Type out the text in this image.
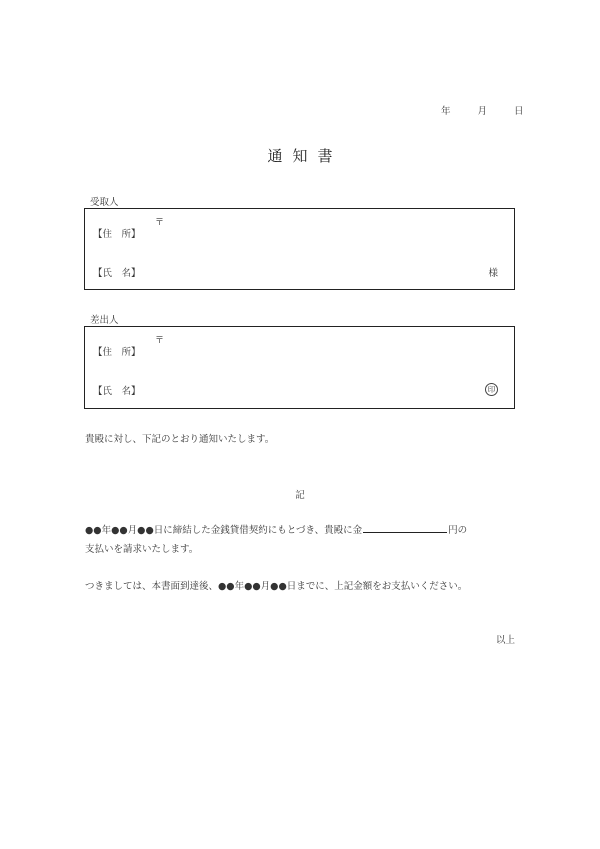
年	月	日
通知書
受取人
【住　所】
〒
【氏　名】	様
差出人
【住　所】
〒
【氏　名】	印
貴殿に対し、下記のとおり通知いたします。
記
●●年●●月●●日に締結した金銭貸借契約にもとづき、貴殿に金	円の
支払いを請求いたします。
つきましては、本書面到達後、●●年●●月●●日までに、上記金額をお支払いください。
以上
